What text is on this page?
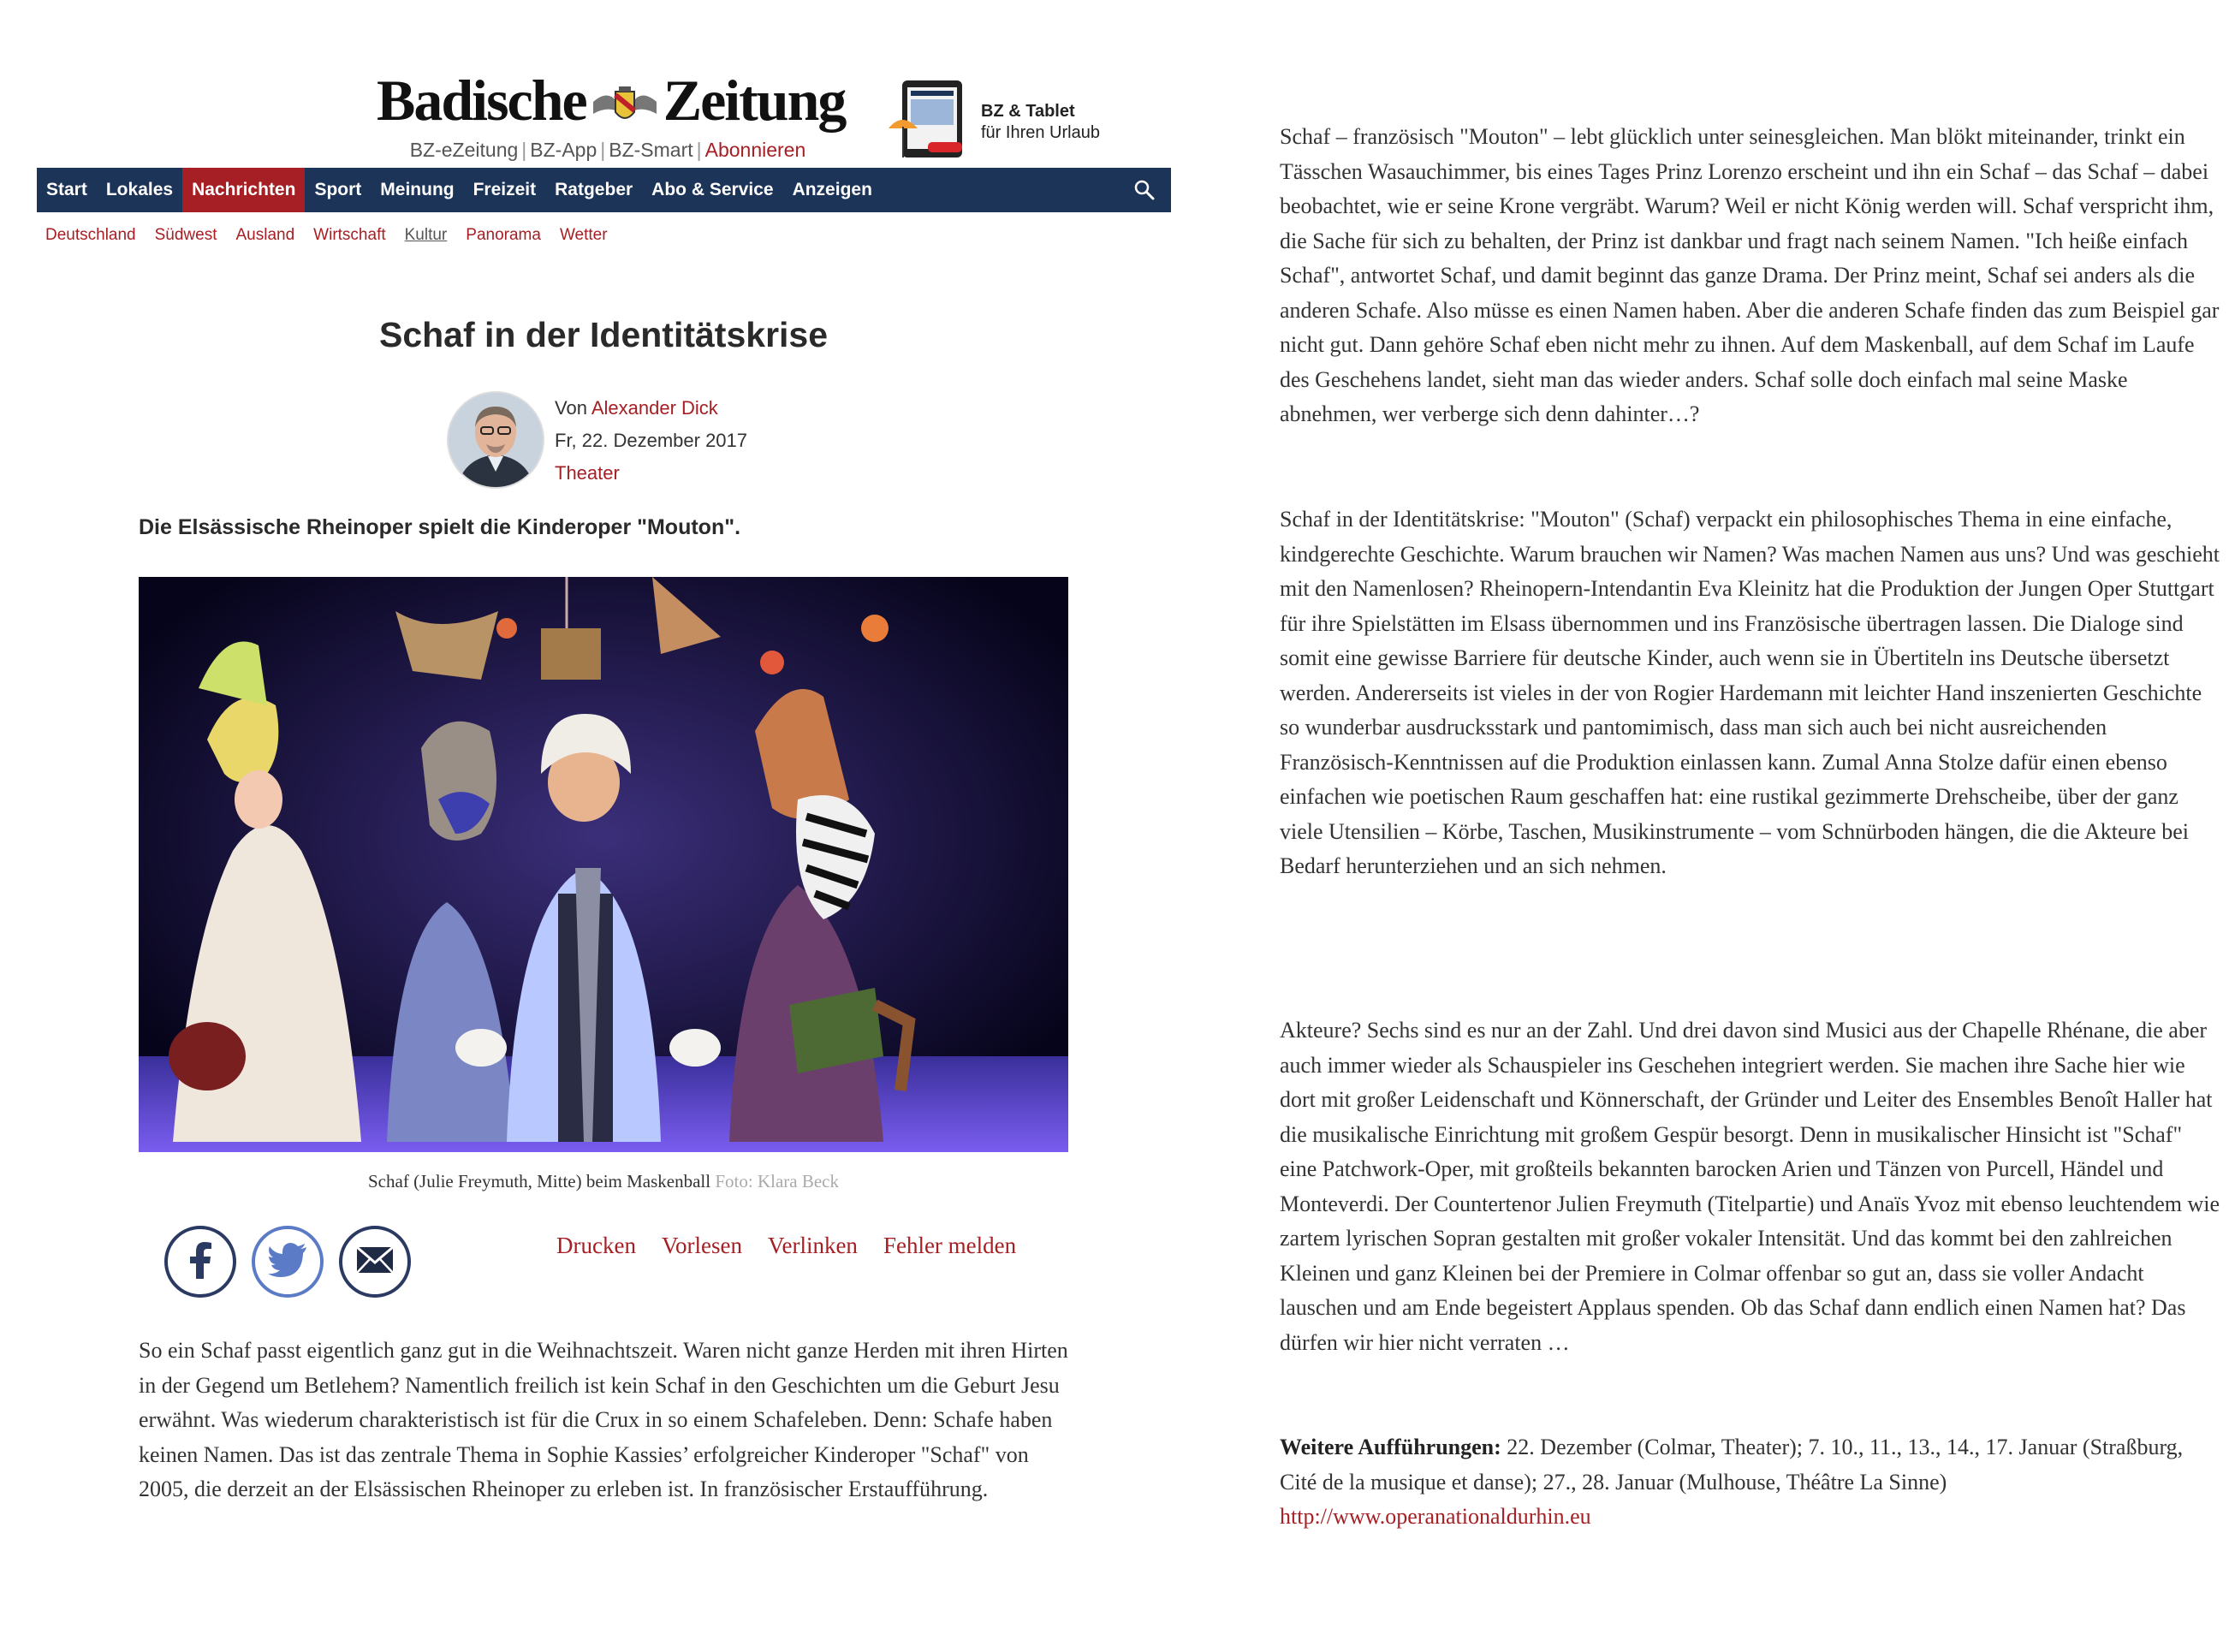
Badische Zeitung
BZ-eZeitung | BZ-App | BZ-Smart | Abonnieren
BZ & Tablet
für Ihren Urlaub
Start	Lokales	Nachrichten	Sport	Meinung	Freizeit	Ratgeber	Abo & Service	Anzeigen
Deutschland Südwest Ausland Wirtschaft Kultur Panorama Wetter
Schaf in der Identitätskrise
Von Alexander Dick
Fr, 22. Dezember 2017
Theater
Die Elsässische Rheinoper spielt die Kinderoper "Mouton".
Schaf (Julie Freymuth, Mitte) beim Maskenball Foto: Klara Beck
Drucken Vorlesen Verlinken Fehler melden
So ein Schaf passt eigentlich ganz gut in die Weihnachtszeit. Waren nicht ganze Herden mit ihren Hirten in der Gegend um Betlehem? Namentlich freilich ist kein Schaf in den Geschichten um die Geburt Jesu erwähnt. Was wiederum charakteristisch ist für die Crux in so einem Schafeleben. Denn: Schafe haben keinen Namen. Das ist das zentrale Thema in Sophie Kassies’ erfolgreicher Kinderoper "Schaf" von 2005, die derzeit an der Elsässischen Rheinoper zu erleben ist. In französischer Erstaufführung.
Schaf – französisch "Mouton" – lebt glücklich unter seinesgleichen. Man blökt miteinander, trinkt ein Tässchen Wasauchimmer, bis eines Tages Prinz Lorenzo erscheint und ihn ein Schaf – das Schaf – dabei beobachtet, wie er seine Krone vergräbt. Warum? Weil er nicht König werden will. Schaf verspricht ihm, die Sache für sich zu behalten, der Prinz ist dankbar und fragt nach seinem Namen. "Ich heiße einfach Schaf", antwortet Schaf, und damit beginnt das ganze Drama. Der Prinz meint, Schaf sei anders als die anderen Schafe. Also müsse es einen Namen haben. Aber die anderen Schafe finden das zum Beispiel gar nicht gut. Dann gehöre Schaf eben nicht mehr zu ihnen. Auf dem Maskenball, auf dem Schaf im Laufe des Geschehens landet, sieht man das wieder anders. Schaf solle doch einfach mal seine Maske abnehmen, wer verberge sich denn dahinter…?
Schaf in der Identitätskrise: "Mouton" (Schaf) verpackt ein philosophisches Thema in eine einfache, kindgerechte Geschichte. Warum brauchen wir Namen? Was machen Namen aus uns? Und was geschieht mit den Namenlosen? Rheinopern-Intendantin Eva Kleinitz hat die Produktion der Jungen Oper Stuttgart für ihre Spielstätten im Elsass übernommen und ins Französische übertragen lassen. Die Dialoge sind somit eine gewisse Barriere für deutsche Kinder, auch wenn sie in Übertiteln ins Deutsche übersetzt werden. Andererseits ist vieles in der von Rogier Hardemann mit leichter Hand inszenierten Geschichte so wunderbar ausdrucksstark und pantomimisch, dass man sich auch bei nicht ausreichenden Französisch-Kenntnissen auf die Produktion einlassen kann. Zumal Anna Stolze dafür einen ebenso einfachen wie poetischen Raum geschaffen hat: eine rustikal gezimmerte Drehscheibe, über der ganz viele Utensilien – Körbe, Taschen, Musikinstrumente – vom Schnürboden hängen, die die Akteure bei Bedarf herunterziehen und an sich nehmen.
Akteure? Sechs sind es nur an der Zahl. Und drei davon sind Musici aus der Chapelle Rhénane, die aber auch immer wieder als Schauspieler ins Geschehen integriert werden. Sie machen ihre Sache hier wie dort mit großer Leidenschaft und Könnerschaft, der Gründer und Leiter des Ensembles Benoît Haller hat die musikalische Einrichtung mit großem Gespür besorgt. Denn in musikalischer Hinsicht ist "Schaf" eine Patchwork-Oper, mit großteils bekannten barocken Arien und Tänzen von Purcell, Händel und Monteverdi. Der Countertenor Julien Freymuth (Titelpartie) und Anaïs Yvoz mit ebenso leuchtendem wie zartem lyrischen Sopran gestalten mit großer vokaler Intensität. Und das kommt bei den zahlreichen Kleinen und ganz Kleinen bei der Premiere in Colmar offenbar so gut an, dass sie voller Andacht lauschen und am Ende begeistert Applaus spenden. Ob das Schaf dann endlich einen Namen hat? Das dürfen wir hier nicht verraten …
Weitere Aufführungen: 22. Dezember (Colmar, Theater); 7. 10., 11., 13., 14., 17. Januar (Straßburg, Cité de la musique et danse); 27., 28. Januar (Mulhouse, Théâtre La Sinne)
http://www.operanationaldurhin.eu
